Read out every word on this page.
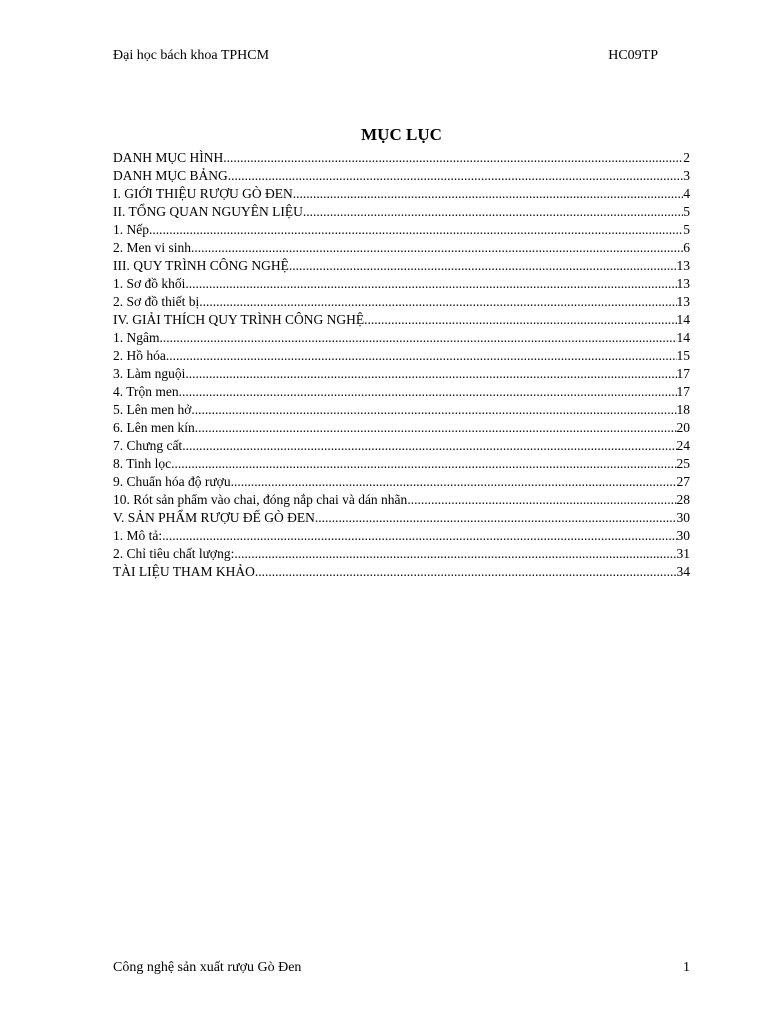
Đại học bách khoa TPHCM	HC09TP
MỤC LỤC
DANH MỤC HÌNH .....	2
DANH MỤC BẢNG .....	3
I. GIỚI THIỆU RƯỢU GÒ ĐEN .....	4
II. TỔNG QUAN NGUYÊN LIỆU .....	5
1. Nếp .....	5
2. Men vi sinh .....	6
III. QUY TRÌNH CÔNG NGHỆ .....	13
1. Sơ đồ khối .....	13
2. Sơ đồ thiết bị .....	13
IV. GIẢI THÍCH QUY TRÌNH CÔNG NGHỆ .....	14
1. Ngâm .....	14
2. Hồ hóa .....	15
3. Làm nguội .....	17
4. Trộn men .....	17
5. Lên men hở .....	18
6. Lên men kín .....	20
7. Chưng cất .....	24
8. Tinh lọc .....	25
9. Chuẩn hóa độ rượu .....	27
10. Rót sản phẩm vào chai, đóng nắp chai và dán nhãn .....	28
V. SẢN PHẨM RƯỢU ĐẾ GÒ ĐEN .....	30
1. Mô tả: .....	30
2. Chỉ tiêu chất lượng: .....	31
TÀI LIỆU THAM KHẢO .....	34
Công nghệ sản xuất rượu Gò Đen	1
